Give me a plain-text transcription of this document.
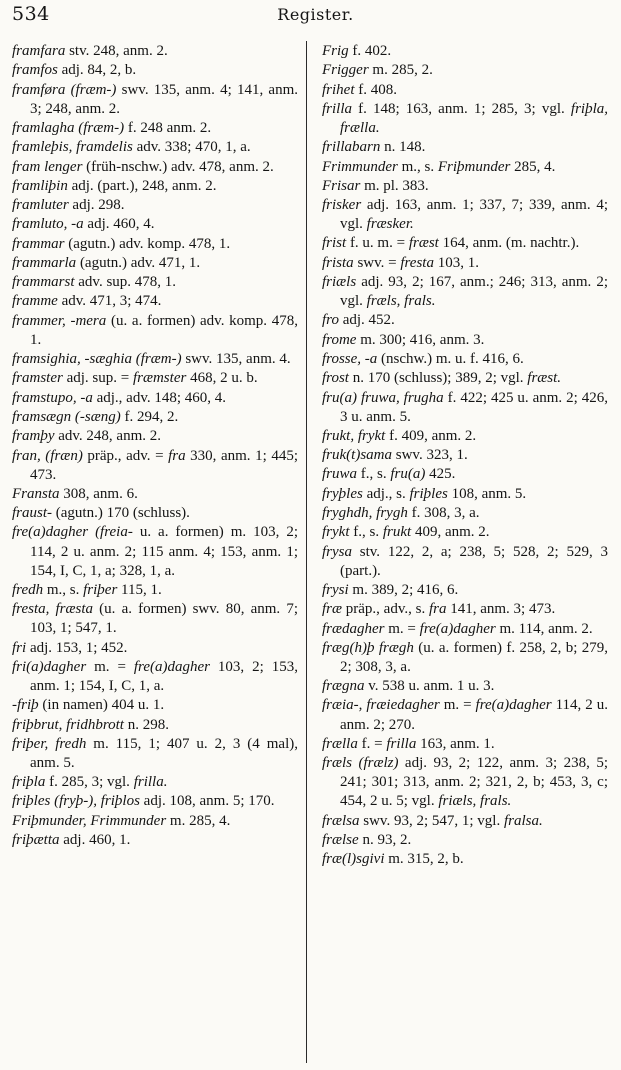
534	Register.
framfara stv. 248, anm. 2.
framfos adj. 84, 2, b.
framføra (fræm-) swv. 135, anm. 4; 141, anm. 3; 248, anm. 2.
framlagha (fræm-) f. 248 anm. 2.
framleþis, framdelis adv. 338; 470, 1, a.
fram lenger (früh-nschw.) adv. 478, anm. 2.
framliþin adj. (part.), 248, anm. 2.
framluter adj. 298.
framluto, -a adj. 460, 4.
frammar (agutn.) adv. komp. 478, 1.
frammarla (agutn.) adv. 471, 1.
frammarst adv. sup. 478, 1.
framme adv. 471, 3; 474.
frammer, -mera (u. a. formen) adv. komp. 478, 1.
framsighia, -sæghia (fræm-) swv. 135, anm. 4.
framster adj. sup. = fræmster 468, 2 u. b.
framstupo, -a adj., adv. 148; 460, 4.
framsægn (-sæng) f. 294, 2.
framþy adv. 248, anm. 2.
fran, (fræn) präp., adv. = fra 330, anm. 1; 445; 473.
Fransta 308, anm. 6.
fraust- (agutn.) 170 (schluss).
fre(a)dagher (freia- u. a. formen) m. 103, 2; 114, 2 u. anm. 2; 115 anm. 4; 153, anm. 1; 154, I, C, 1, a; 328, 1, a.
fredh m., s. friþer 115, 1.
fresta, fræsta (u. a. formen) swv. 80, anm. 7; 103, 1; 547, 1.
fri adj. 153, 1; 452.
fri(a)dagher m. = fre(a)dagher 103, 2; 153, anm. 1; 154, I, C, 1, a.
-friþ (in namen) 404 u. 1.
friþbrut, fridhbrott n. 298.
friþer, fredh m. 115, 1; 407 u. 2, 3 (4 mal), anm. 5.
friþla f. 285, 3; vgl. frilla.
friþles (fryþ-), friþlos adj. 108, anm. 5; 170.
Friþmunder, Frimmunder m. 285, 4.
friþætta adj. 460, 1.
Frig f. 402.
Frigger m. 285, 2.
frihet f. 408.
frilla f. 148; 163, anm. 1; 285, 3; vgl. friþla, frælla.
frillabarn n. 148.
Frimmunder m., s. Friþmunder 285, 4.
Frisar m. pl. 383.
frisker adj. 163, anm. 1; 337, 7; 339, anm. 4; vgl. fræsker.
frist f. u. m. = fræst 164, anm. (m. nachtr.).
frista swv. = fresta 103, 1.
friæls adj. 93, 2; 167, anm.; 246; 313, anm. 2; vgl. fræls, frals.
fro adj. 452.
frome m. 300; 416, anm. 3.
frosse, -a (nschw.) m. u. f. 416, 6.
frost n. 170 (schluss); 389, 2; vgl. fræst.
fru(a) fruwa, frugha f. 422; 425 u. anm. 2; 426, 3 u. anm. 5.
frukt, frykt f. 409, anm. 2.
fruk(t)sama swv. 323, 1.
fruwa f., s. fru(a) 425.
fryþles adj., s. friþles 108, anm. 5.
fryghdh, frygh f. 308, 3, a.
frykt f., s. frukt 409, anm. 2.
frysa stv. 122, 2, a; 238, 5; 528, 2; 529, 3 (part.).
frysi m. 389, 2; 416, 6.
fræ präp., adv., s. fra 141, anm. 3; 473.
frædagher m. = fre(a)dagher m. 114, anm. 2.
fræg(h)þ frægh (u. a. formen) f. 258, 2, b; 279, 2; 308, 3, a.
frægna v. 538 u. anm. 1 u. 3.
fræia-, fræiedagher m. = fre(a)dagher 114, 2 u. anm. 2; 270.
frælla f. = frilla 163, anm. 1.
fræls (frælz) adj. 93, 2; 122, anm. 3; 238, 5; 241; 301; 313, anm. 2; 321, 2, b; 453, 3, c; 454, 2 u. 5; vgl. friæls, frals.
frælsa swv. 93, 2; 547, 1; vgl. fralsa.
frælse n. 93, 2.
fræ(l)sgivi m. 315, 2, b.
